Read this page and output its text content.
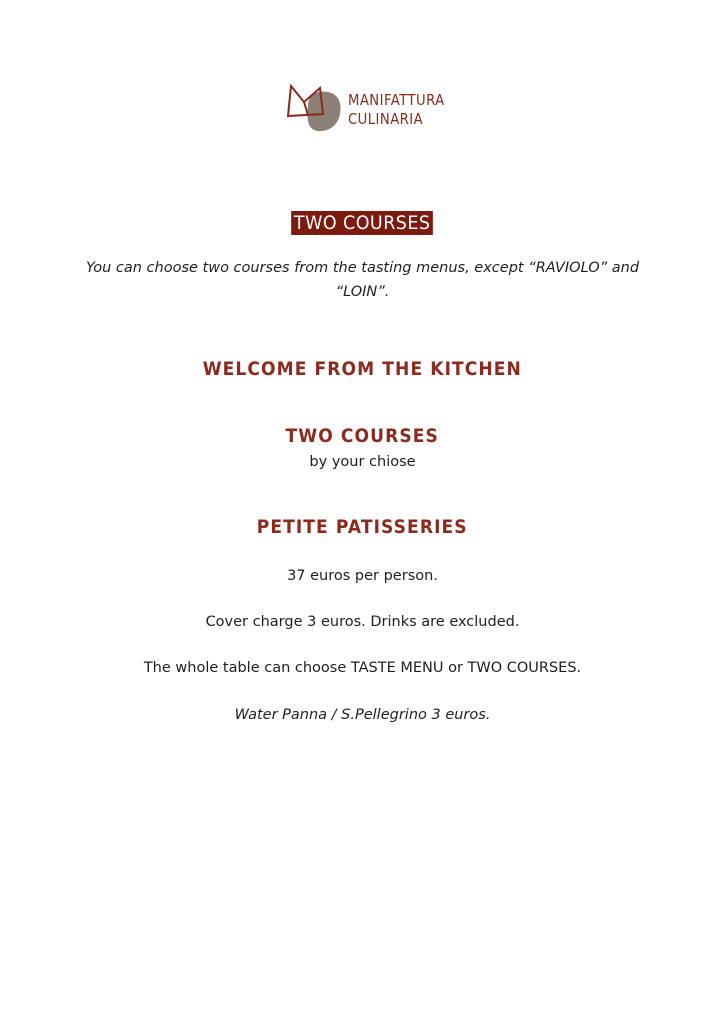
MANIFATTURA
CULINARIA
TWO COURSES
You can choose two courses from the tasting menus, except “RAVIOLO” and “LOIN”.
WELCOME FROM THE KITCHEN
TWO COURSES
by your chiose
PETITE PATISSERIES
37 euros per person.
Cover charge 3 euros. Drinks are excluded.
The whole table can choose TASTE MENU or TWO COURSES.
Water Panna / S.Pellegrino 3 euros.
